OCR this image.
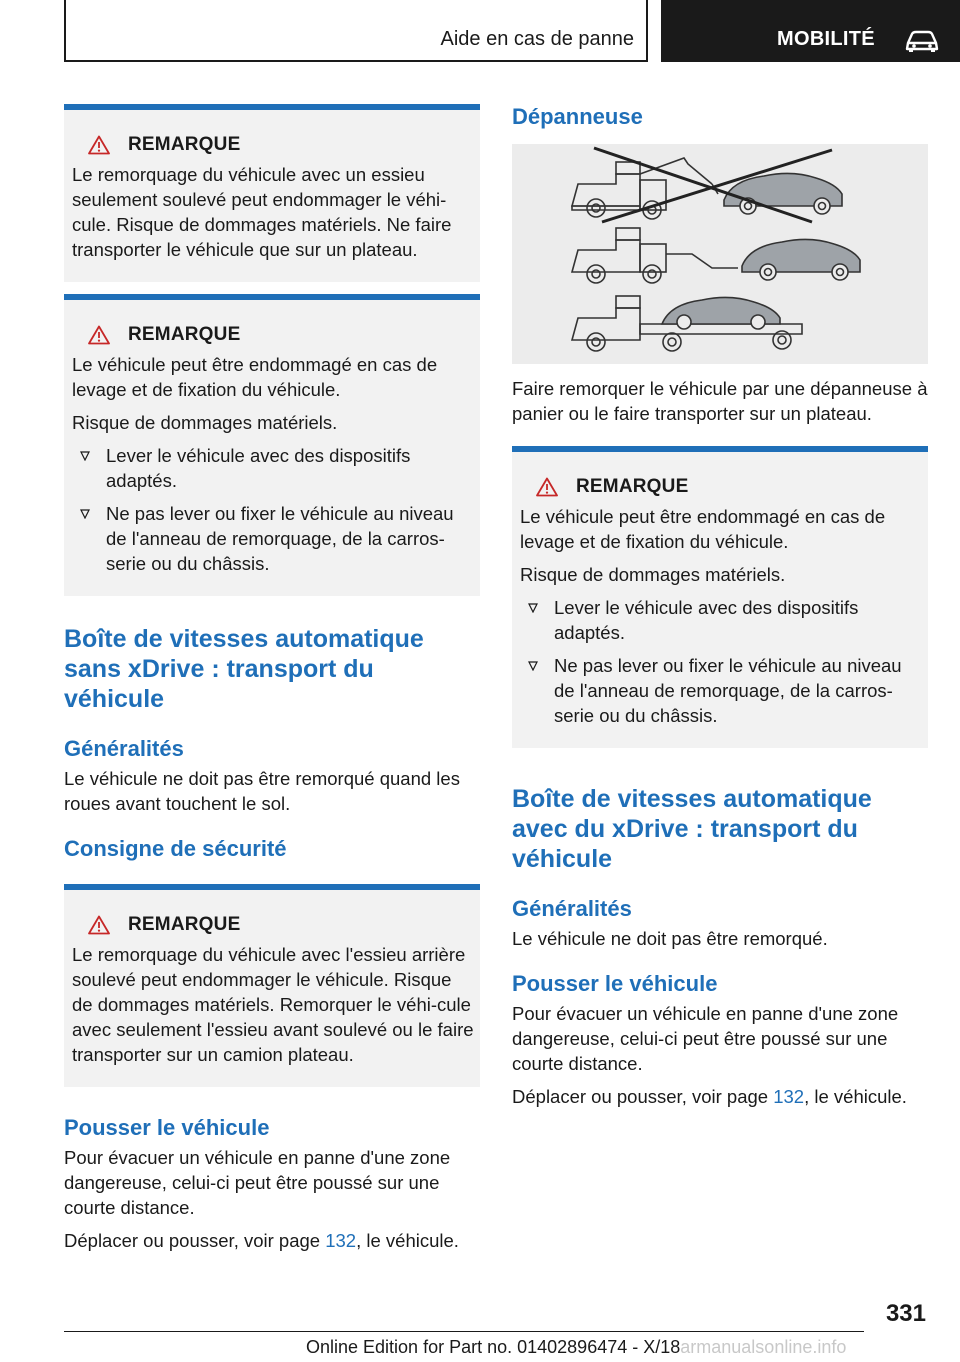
Aide en cas de panne	MOBILITÉ
REMARQUE

Le remorquage du véhicule avec un essieu seulement soulevé peut endommager le véhi-cule. Risque de dommages matériels. Ne faire transporter le véhicule que sur un plateau.

REMARQUE

Le véhicule peut être endommagé en cas de levage et de fixation du véhicule.

Risque de dommages matériels.

Lever le véhicule avec des dispositifs adaptés.
Ne pas lever ou fixer le véhicule au niveau de l'anneau de remorquage, de la carros-serie ou du châssis.
Boîte de vitesses automatique sans xDrive : transport du véhicule
Généralités

Le véhicule ne doit pas être remorqué quand les roues avant touchent le sol.

Consigne de sécurité
REMARQUE

Le remorquage du véhicule avec l'essieu arrière soulevé peut endommager le véhicule. Risque de dommages matériels. Remorquer le véhi-cule avec seulement l'essieu avant soulevé ou le faire transporter sur un camion plateau.

Pousser le véhicule

Pour évacuer un véhicule en panne d'une zone dangereuse, celui-ci peut être poussé sur une courte distance.

Déplacer ou pousser, voir page 132, le véhicule.

Dépanneuse

Faire remorquer le véhicule par une dépanneuse à panier ou le faire transporter sur un plateau.

REMARQUE

Le véhicule peut être endommagé en cas de levage et de fixation du véhicule.

Risque de dommages matériels.

Lever le véhicule avec des dispositifs adaptés.
Ne pas lever ou fixer le véhicule au niveau de l'anneau de remorquage, de la carros-serie ou du châssis.
Boîte de vitesses automatique avec du xDrive : transport du véhicule
Généralités

Le véhicule ne doit pas être remorqué.

Pousser le véhicule

Pour évacuer un véhicule en panne d'une zone dangereuse, celui-ci peut être poussé sur une courte distance.

Déplacer ou pousser, voir page 132, le véhicule.

331
Online Edition for Part no. 01402896474 - X/18armanualsonline.info
